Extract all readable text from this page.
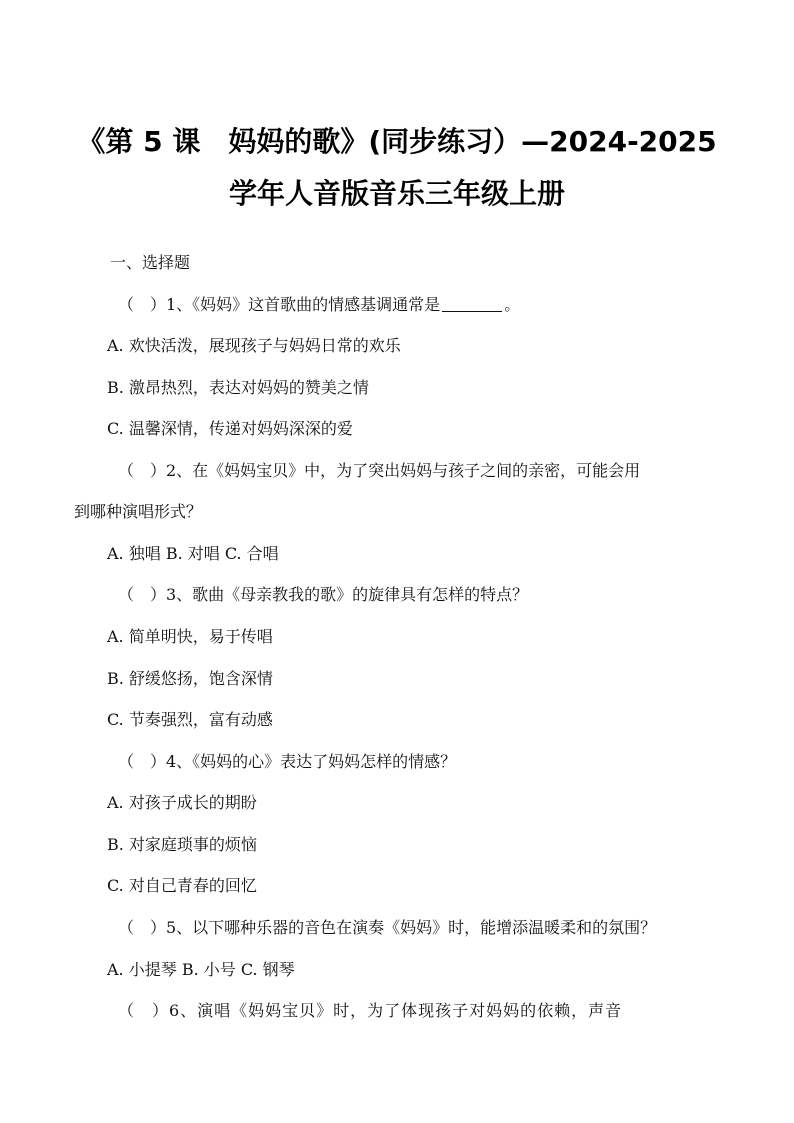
《第 5 课　妈妈的歌》(同步练习）—2024-2025
学年人音版音乐三年级上册

一、选择题

（　）1、《妈妈》这首歌曲的情感基调通常是	。

A. 欢快活泼，展现孩子与妈妈日常的欢乐

B. 激昂热烈，表达对妈妈的赞美之情

C. 温馨深情，传递对妈妈深深的爱

（　）2、在《妈妈宝贝》中，为了突出妈妈与孩子之间的亲密，可能会用

到哪种演唱形式？

A. 独唱 B. 对唱 C. 合唱

（　）3、歌曲《母亲教我的歌》的旋律具有怎样的特点？

A. 简单明快，易于传唱

B. 舒缓悠扬，饱含深情

C. 节奏强烈，富有动感

（　）4、《妈妈的心》表达了妈妈怎样的情感？

A. 对孩子成长的期盼

B. 对家庭琐事的烦恼

C. 对自己青春的回忆

（　）5、以下哪种乐器的音色在演奏《妈妈》时，能增添温暖柔和的氛围？

A. 小提琴 B. 小号 C. 钢琴

（　）6、演唱《妈妈宝贝》时，为了体现孩子对妈妈的依赖，声音
